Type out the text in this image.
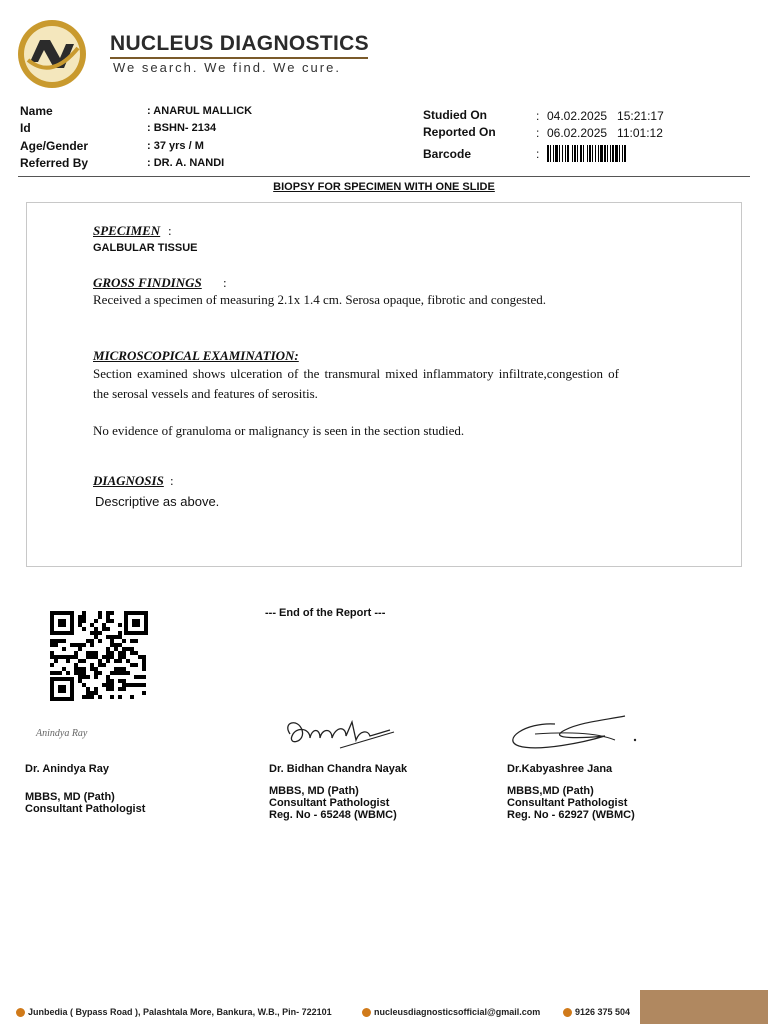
NUCLEUS DIAGNOSTICS
We search. We find. We cure.
Name	: ANARUL MALLICK
Id	: BSHN- 2134
Age/Gender	: 37 yrs / M
Referred By	: DR. A. NANDI
Studied On	: 04.02.2025   15:21:17
Reported On	: 06.02.2025   11:01:12
Barcode	:
BIOPSY FOR SPECIMEN WITH ONE SLIDE
SPECIMEN :
GALBULAR TISSUE
GROSS FINDINGS :
Received a specimen of measuring 2.1x 1.4 cm. Serosa opaque, fibrotic and congested.
MICROSCOPICAL EXAMINATION:
Section examined shows ulceration of the transmural mixed inflammatory infiltrate,congestion of the serosal vessels and features of serositis.
No evidence of granuloma or malignancy is seen in the section studied.
DIAGNOSIS :
Descriptive as above.
--- End of the Report ---
Anindya Ray
Dr. Anindya Ray
MBBS, MD (Path)
Consultant Pathologist
Dr. Bidhan Chandra Nayak
MBBS, MD (Path)
Consultant Pathologist
Reg. No - 65248 (WBMC)
Dr.Kabyashree Jana
MBBS,MD (Path)
Consultant Pathologist
Reg. No - 62927 (WBMC)
Junbedia ( Bypass Road ), Palashtala More, Bankura, W.B., Pin- 722101	nucleusdiagnosticsofficial@gmail.com	9126 375 504
